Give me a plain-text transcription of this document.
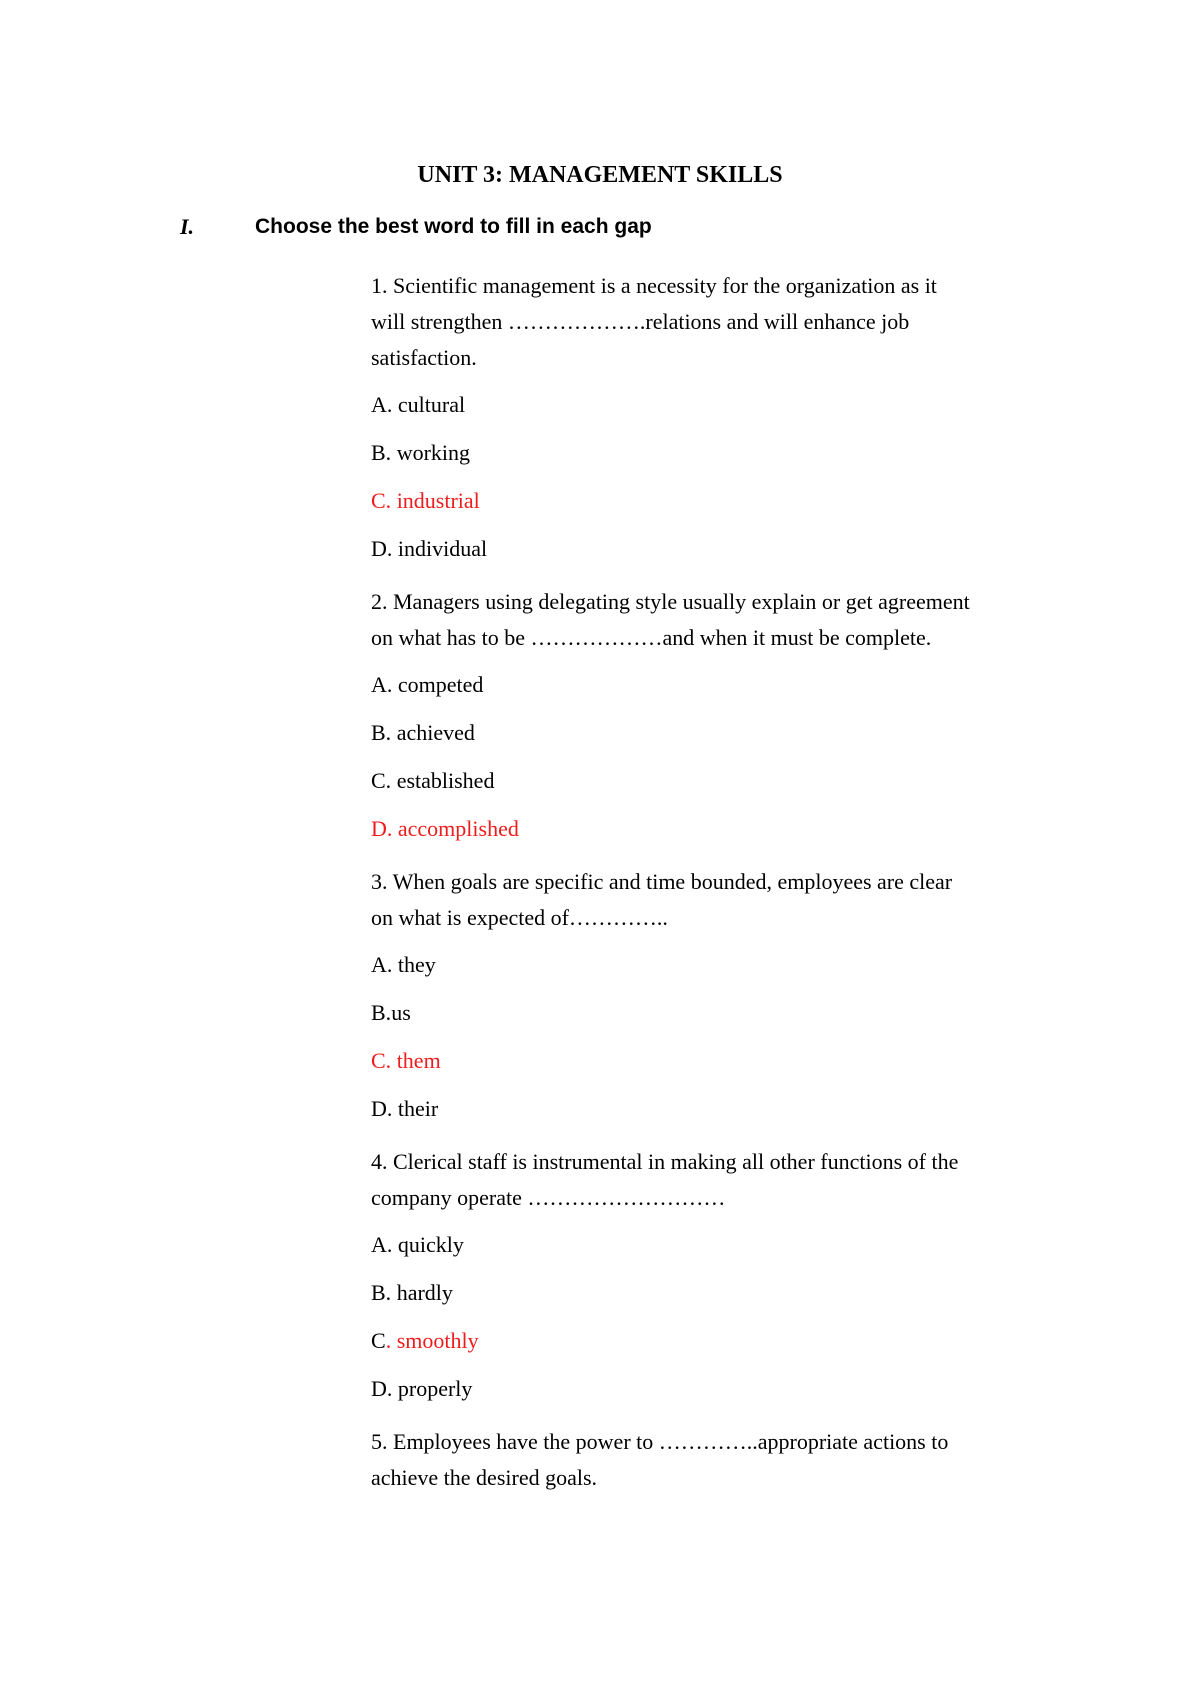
UNIT 3: MANAGEMENT SKILLS
I.	Choose the best word to fill in each gap
1. Scientific management is a necessity for the organization as it
will strengthen ……………….relations and will enhance job
satisfaction.
A. cultural
B. working
C. industrial
D. individual
2. Managers using delegating style usually explain or get agreement
on what has to be ………………and when it must be complete.
A. competed
B. achieved
C. established
D. accomplished
3. When goals are specific and time bounded, employees are clear
on what is expected of…………..
A. they
B.us
C. them
D. their
4. Clerical staff is instrumental in making all other functions of the
company operate ………………………
A. quickly
B. hardly
C. smoothly
D. properly
5. Employees have the power to …………..appropriate actions to
achieve the desired goals.
